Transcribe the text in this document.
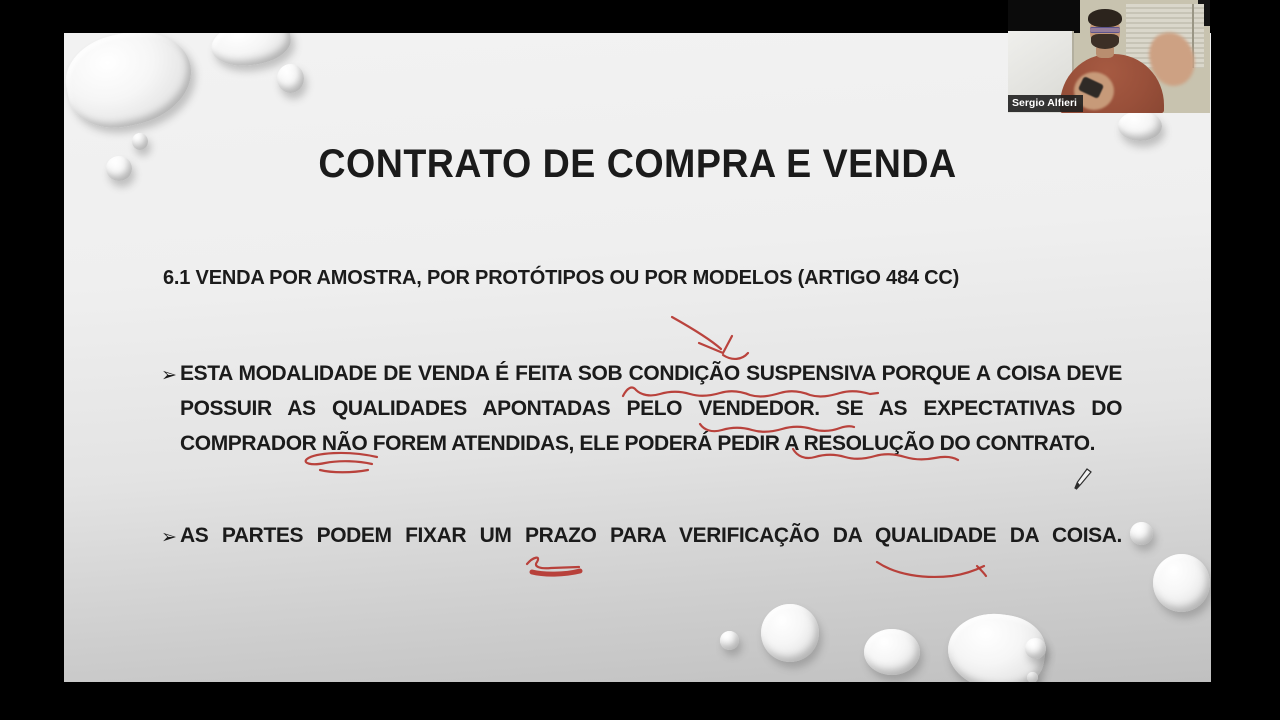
CONTRATO DE COMPRA E VENDA
6.1 VENDA POR AMOSTRA, POR PROTÓTIPOS OU POR MODELOS (ARTIGO 484 CC)
➢ ESTA MODALIDADE DE VENDA É FEITA SOB CONDIÇÃO SUSPENSIVA PORQUE A COISA DEVE
POSSUIR AS QUALIDADES APONTADAS PELO VENDEDOR. SE AS EXPECTATIVAS DO
COMPRADOR NÃO FOREM ATENDIDAS, ELE PODERÁ PEDIR A RESOLUÇÃO DO CONTRATO.
➢ AS PARTES PODEM FIXAR UM PRAZO PARA VERIFICAÇÃO DA QUALIDADE DA COISA.
Sergio Alfieri
